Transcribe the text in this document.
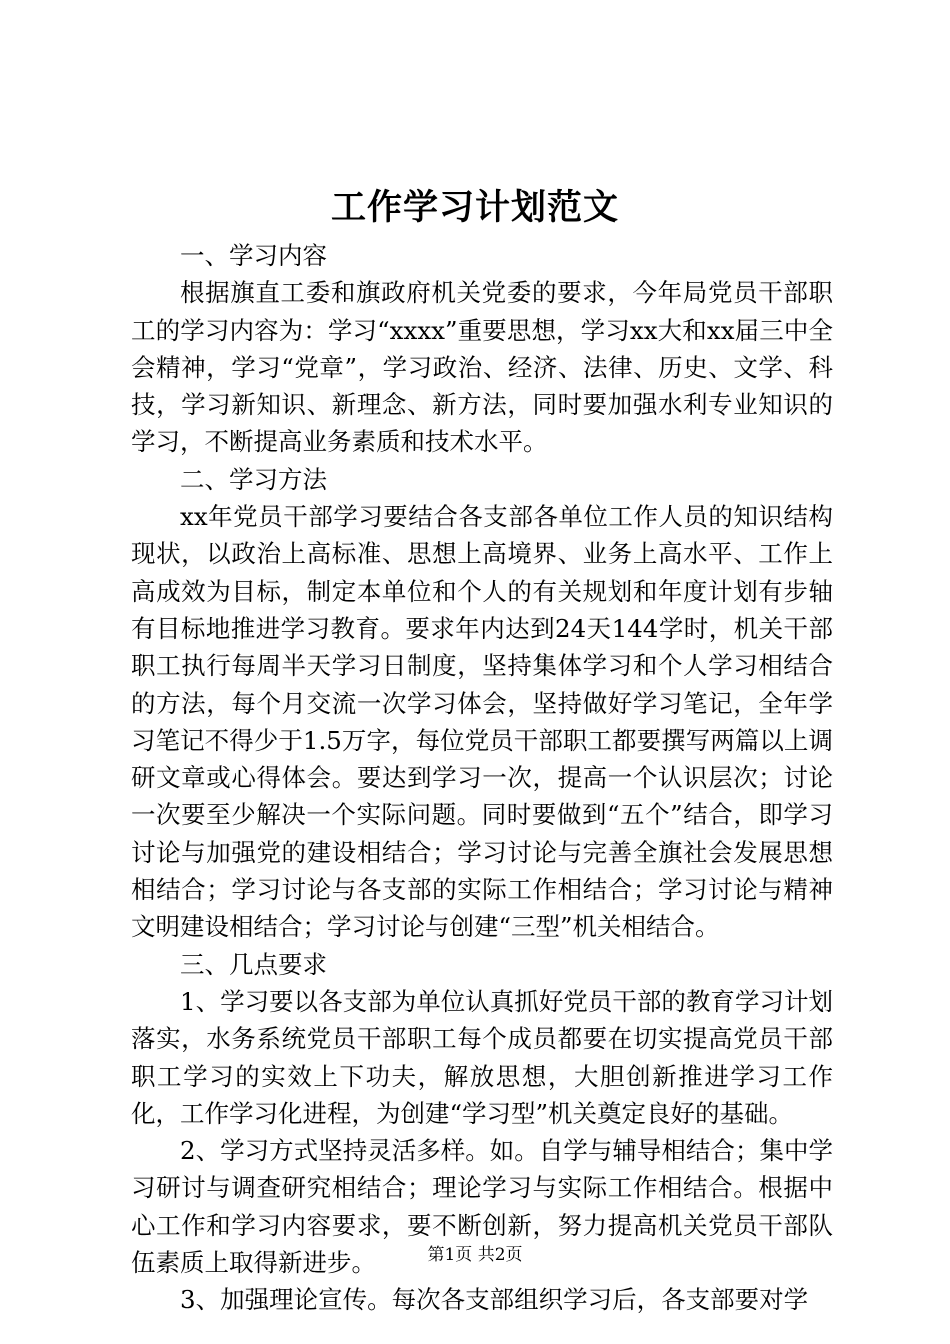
工作学习计划范文

一、学习内容

根据旗直工委和旗政府机关党委的要求，今年局党员干部职工的学习内容为：学习“xxxx”重要思想，学习xx大和xx届三中全会精神，学习“党章”，学习政治、经济、法律、历史、文学、科技，学习新知识、新理念、新方法，同时要加强水利专业知识的学习，不断提高业务素质和技术水平。

二、学习方法

xx年党员干部学习要结合各支部各单位工作人员的知识结构现状，以政治上高标准、思想上高境界、业务上高水平、工作上高成效为目标，制定本单位和个人的有关规划和年度计划有步轴有目标地推进学习教育。要求年内达到24天144学时，机关干部职工执行每周半天学习日制度，坚持集体学习和个人学习相结合的方法，每个月交流一次学习体会，坚持做好学习笔记，全年学习笔记不得少于1.5万字，每位党员干部职工都要撰写两篇以上调研文章或心得体会。要达到学习一次，提高一个认识层次；讨论一次要至少解决一个实际问题。同时要做到“五个”结合，即学习讨论与加强党的建设相结合；学习讨论与完善全旗社会发展思想相结合；学习讨论与各支部的实际工作相结合；学习讨论与精神文明建设相结合；学习讨论与创建“三型”机关相结合。

三、几点要求

1、学习要以各支部为单位认真抓好党员干部的教育学习计划落实，水务系统党员干部职工每个成员都要在切实提高党员干部职工学习的实效上下功夫，解放思想，大胆创新推进学习工作化，工作学习化进程，为创建“学习型”机关奠定良好的基础。

2、学习方式坚持灵活多样。如。自学与辅导相结合；集中学习研讨与调查研究相结合；理论学习与实际工作相结合。根据中心工作和学习内容要求，要不断创新，努力提高机关党员干部队伍素质上取得新进步。

3、加强理论宣传。每次各支部组织学习后，各支部要对学

第1页 共2页
